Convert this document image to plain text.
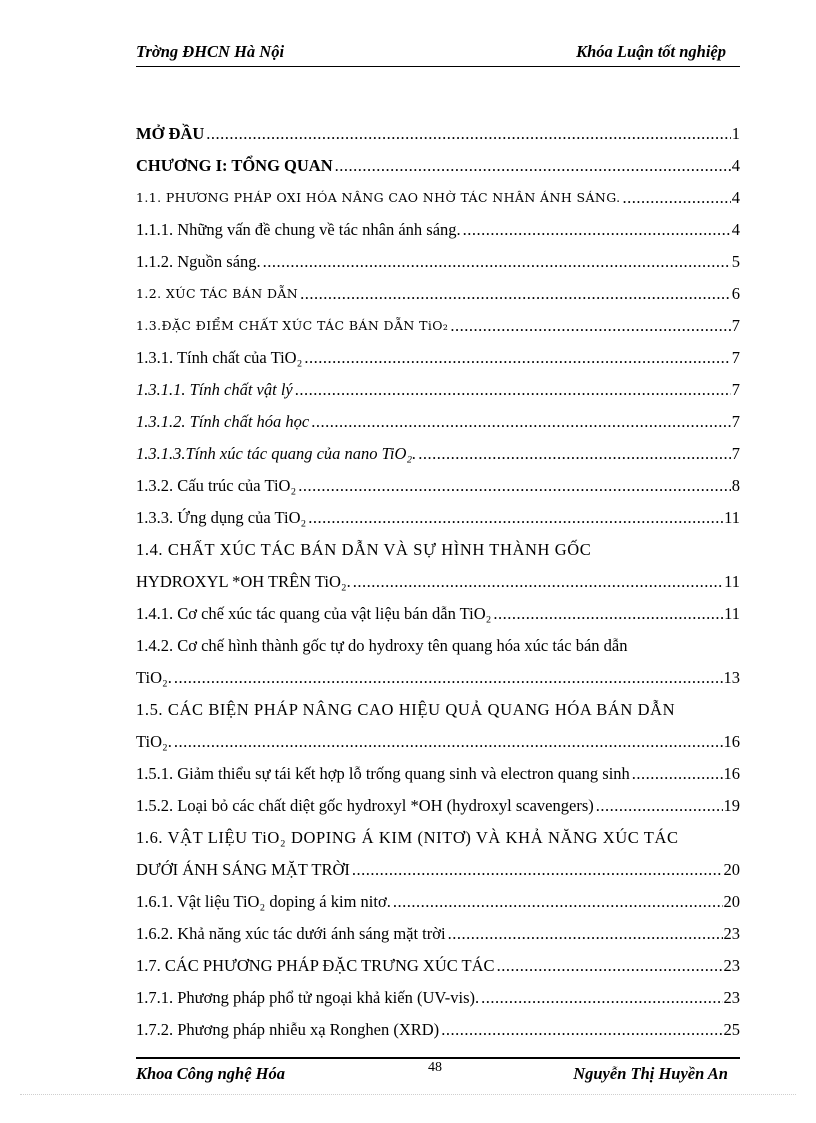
Trờng ĐHCN Hà Nội	Khóa Luận tốt nghiệp
MỞ ĐẦU .....	1
CHƯƠNG I: TỔNG QUAN .....	4
1.1. PHƯƠNG PHÁP OXI HÓA NÂNG CAO NHỜ TÁC NHÂN ÁNH SÁNG. .....	4
1.1.1. Những vấn đề chung về tác nhân ánh sáng. .....	4
1.1.2. Nguồn sáng. .....	5
1.2. XÚC TÁC BÁN DẪN .....	6
1.3.ĐẶC ĐIỂM CHẤT XÚC TÁC BÁN DẪN TiO₂ .....	7
1.3.1. Tính chất của TiO₂ .....	7
1.3.1.1. Tính chất vật lý .....	7
1.3.1.2. Tính chất hóa học .....	7
1.3.1.3.Tính xúc tác quang của nano TiO₂. .....	7
1.3.2. Cấu trúc của TiO₂ .....	8
1.3.3. Ứng dụng của TiO₂ .....	11
1.4. CHẤT XÚC TÁC BÁN DẪN VÀ SỰ HÌNH THÀNH GỐC
HYDROXYL *OH TRÊN TiO₂. .....	11
1.4.1. Cơ chế xúc tác quang của vật liệu bán dẫn TiO₂ .....	11
1.4.2. Cơ chế hình thành gốc tự do hydroxy tên quang hóa xúc tác bán dẫn
TiO₂. .....	13
1.5. CÁC BIỆN PHÁP NÂNG CAO HIỆU QUẢ QUANG HÓA BÁN DẪN
TiO₂. .....	16
1.5.1. Giảm thiểu sự tái kết hợp lỗ trống quang sinh và electron quang sinh .....	16
1.5.2. Loại bỏ các chất diệt gốc hydroxyl *OH (hydroxyl scavengers) .....	19
1.6. VẬT LIỆU TiO₂ DOPING Á KIM (NITƠ) VÀ KHẢ NĂNG XÚC TÁC
DƯỚI ÁNH SÁNG MẶT TRỜI .....	20
1.6.1. Vật liệu TiO₂ doping á kim nitơ. .....	20
1.6.2. Khả năng xúc tác dưới ánh sáng mặt trời .....	23
1.7. CÁC PHƯƠNG PHÁP ĐẶC TRƯNG XÚC TÁC .....	23
1.7.1. Phương pháp phổ tử ngoại khả kiến (UV-vis). .....	23
1.7.2. Phương pháp nhiễu xạ Ronghen (XRD) .....	25
Khoa Công nghệ Hóa	48	Nguyễn Thị Huyền An
